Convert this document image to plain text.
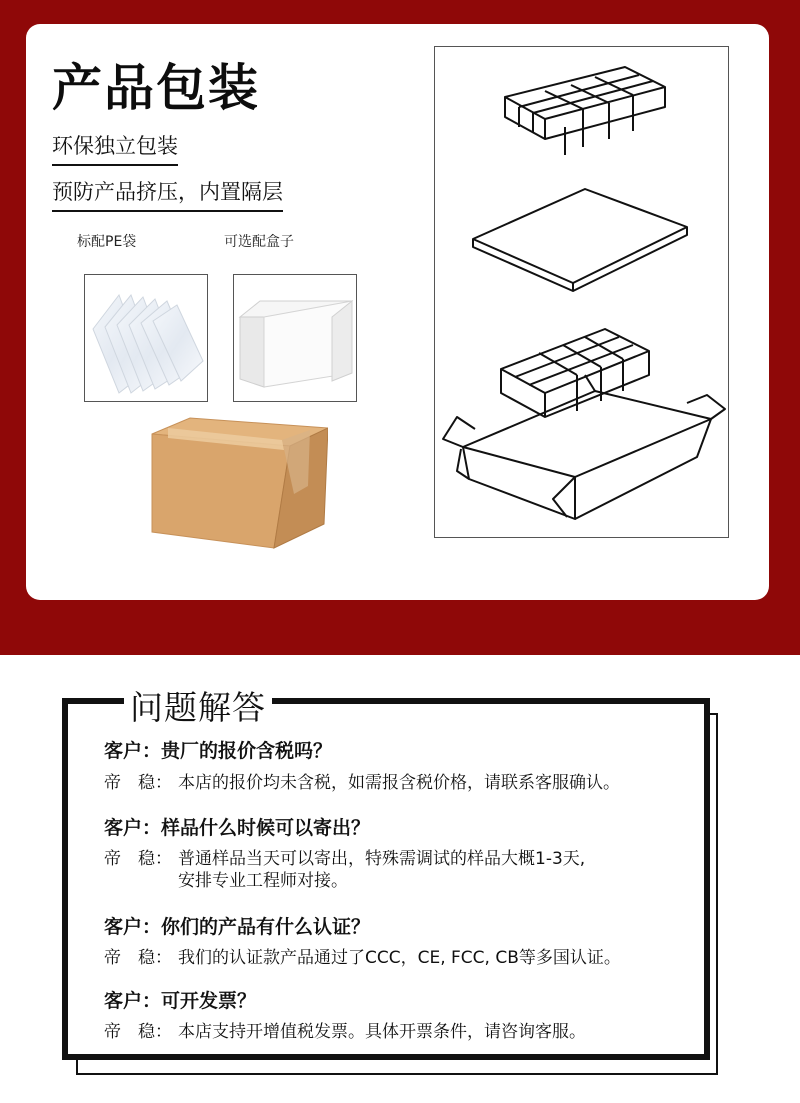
产品包装
环保独立包装
预防产品挤压，内置隔层
标配PE袋	可选配盒子
问题解答
客户：贵厂的报价含税吗？
帝　稳： 本店的报价均未含税，如需报含税价格，请联系客服确认。
客户：样品什么时候可以寄出？
帝　稳： 普通样品当天可以寄出，特殊需调试的样品大概1-3天,
安排专业工程师对接。
客户：你们的产品有什么认证？
帝　稳： 我们的认证款产品通过了CCC，CE, FCC, CB等多国认证。
客户：可开发票？
帝　稳： 本店支持开增值税发票。具体开票条件，请咨询客服。
